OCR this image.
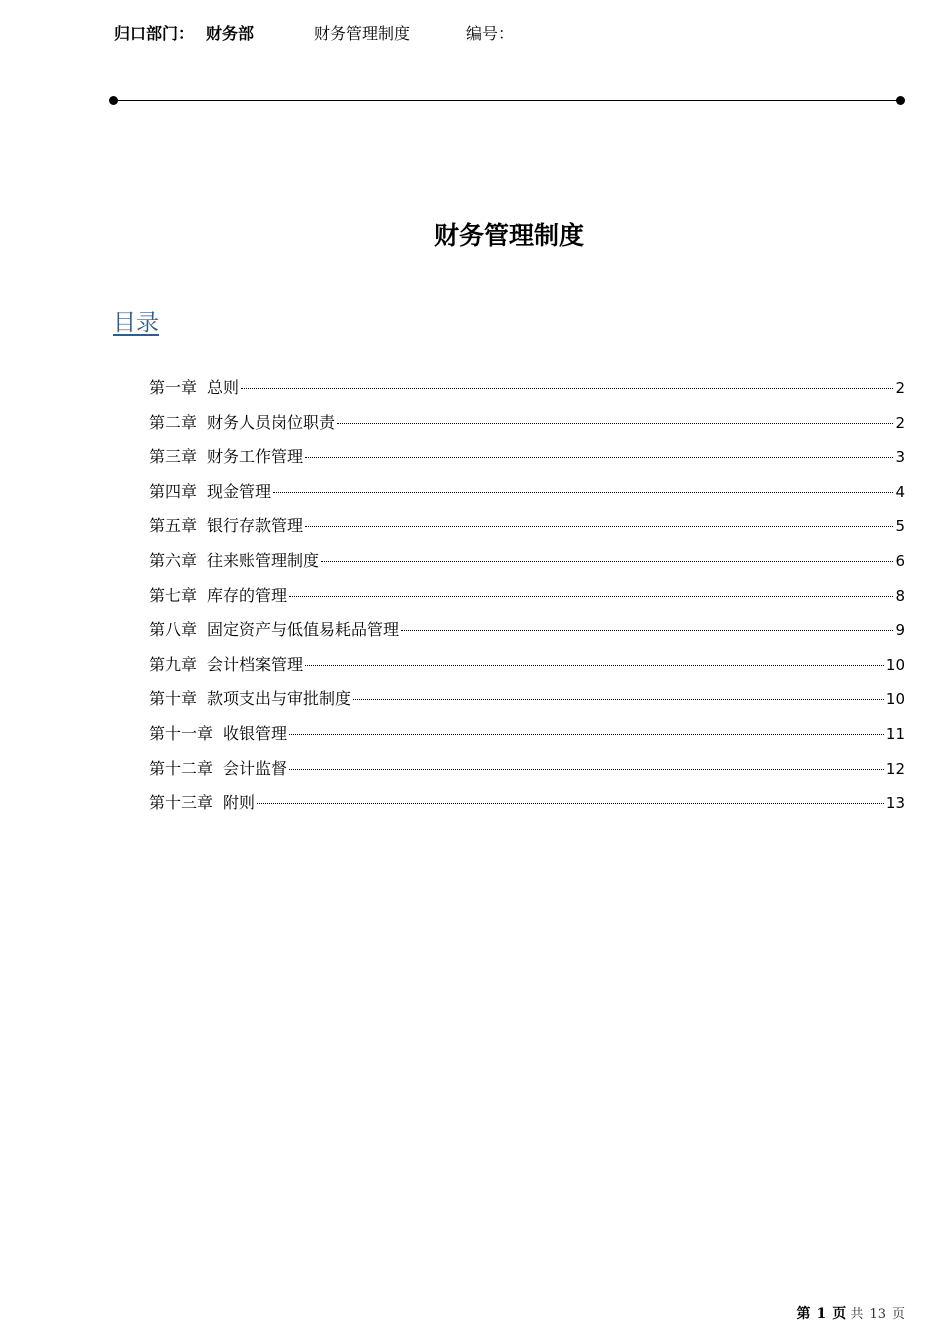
归口部门： 财务部	财务管理制度	编号：
财务管理制度
目录
第一章 总则	2
第二章 财务人员岗位职责	2
第三章 财务工作管理	3
第四章 现金管理	4
第五章 银行存款管理	5
第六章 往来账管理制度	6
第七章 库存的管理	8
第八章 固定资产与低值易耗品管理	9
第九章 会计档案管理	10
第十章 款项支出与审批制度	10
第十一章 收银管理	11
第十二章 会计监督	12
第十三章 附则	13
第 1 页 共 13 页
